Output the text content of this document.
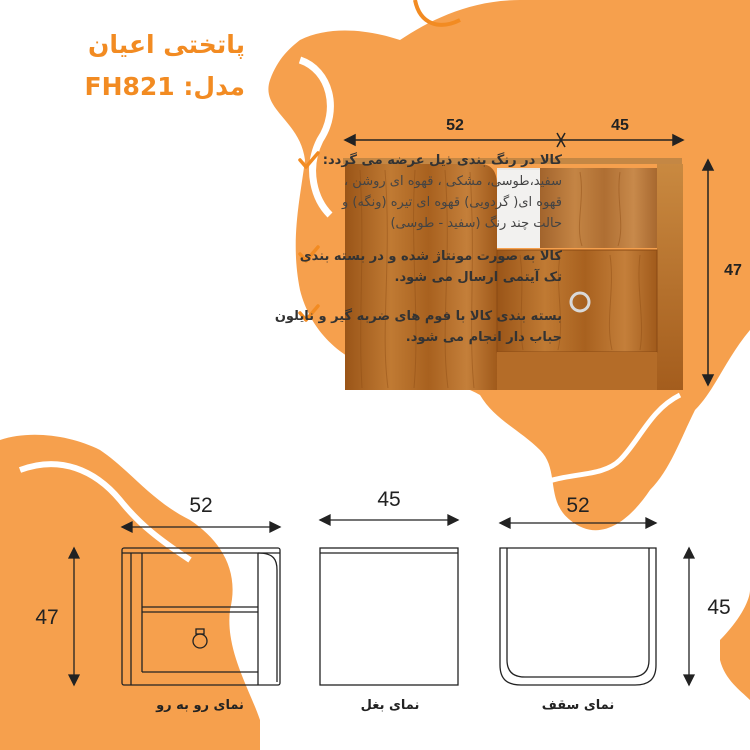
پاتختی اعیان
مدل: FH821
کالا در رنگ بندی ذیل عرضه می گردد:
سفید،طوسی، مشکی ، قهوه ای روشن ،
قهوه ای( گردویی) قهوه ای تیره (ونگه) و
حالت چند رنگ (سفید - طوسی)
کالا به صورت مونتاژ شده و در بسته بندی
تک آیتمی ارسال می شود.
بسته بندی کالا با فوم های ضربه گیر و نایلون
حباب دار انجام می شود.
52	45
47
52
47
45	52
45
نمای رو به رو	نمای بغل	نمای سقف
